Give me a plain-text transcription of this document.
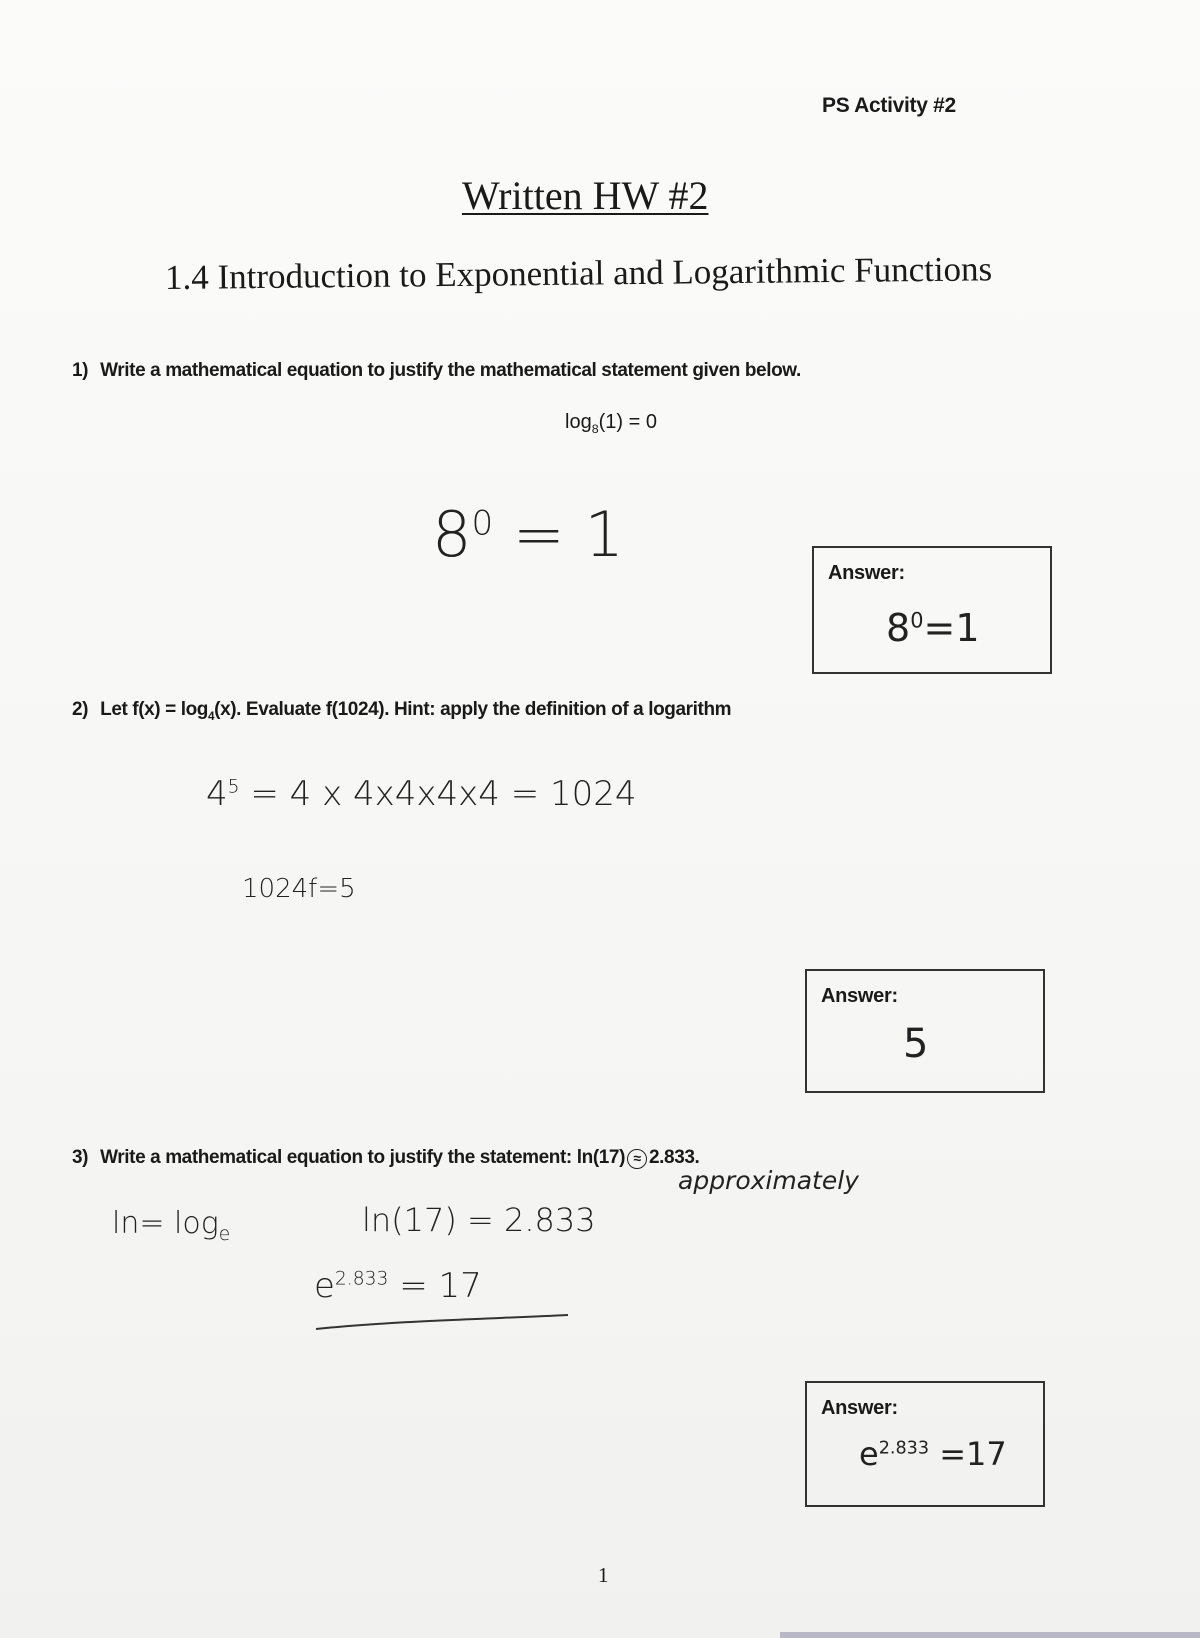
PS Activity #2
Written HW #2
1.4 Introduction to Exponential and Logarithmic Functions
1) Write a mathematical equation to justify the mathematical statement given below.
$\log_8(1) = 0$
$8^0 = 1$
Answer:
$8^0=1$
2) Let $f(x) = \log_4(x)$. Evaluate f(1024). Hint: apply the definition of a logarithm
$4^5 = 4$ x 4x4x4x4 = 1024
1024f=5
Answer:
5
3) Write a mathematical equation to justify the statement: ln(17) ≈ 2.833.
approximately
$\ln= \log_e$	ln(17) = 2.833
$e^{2.833} = 17$
Answer:
$e^{2.833} =17$
1
